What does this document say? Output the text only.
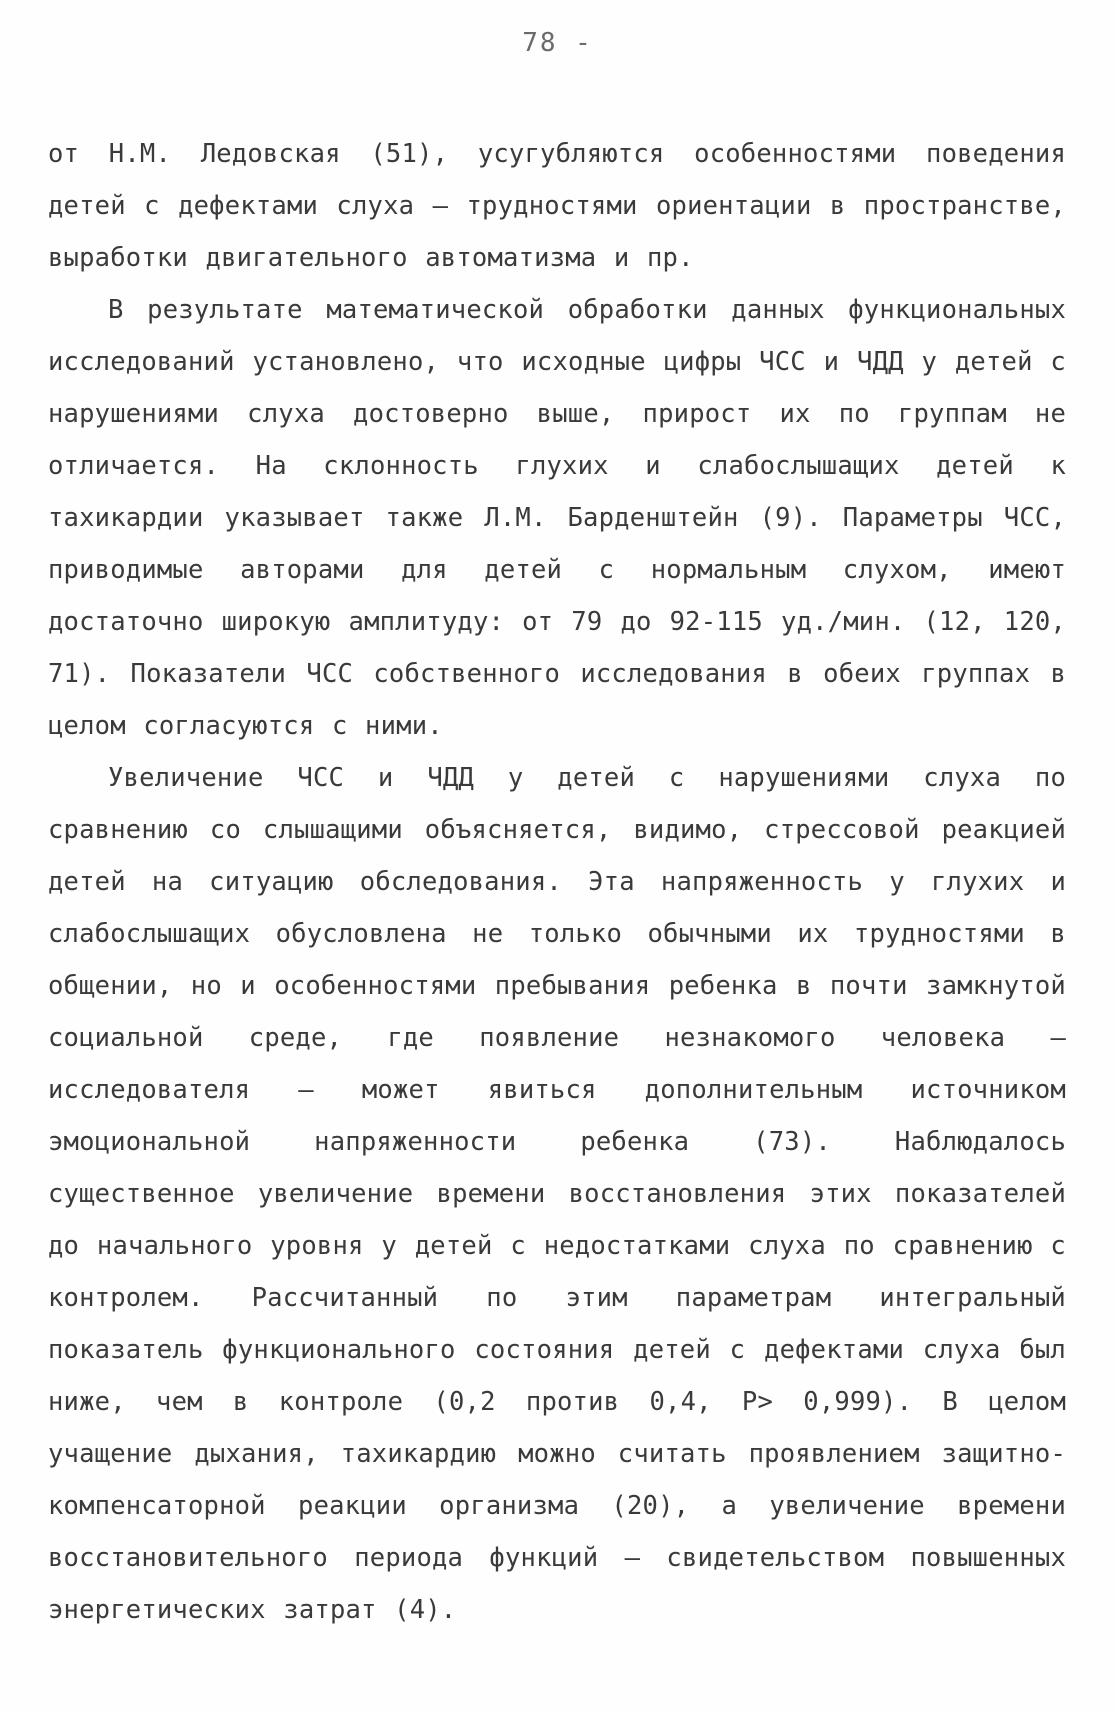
78 -

от Н.М. Ледовская (51), усугубляются особенностями поведения детей с дефектами слуха – трудностями ориентации в пространстве, выработки двигательного автоматизма и пр.

В результате математической обработки данных функциональных исследований установлено, что исходные цифры ЧСС и ЧДД у детей с нарушениями слуха достоверно выше, прирост их по группам не отличается. На склонность глухих и слабослышащих детей к тахикардии указывает также Л.М. Барденштейн (9). Параметры ЧСС, приводимые авторами для детей с нормальным слухом, имеют достаточно широкую амплитуду: от 79 до 92-115 уд./мин. (12, 120, 71). Показатели ЧСС собственного исследования в обеих группах в целом согласуются с ними.

Увеличение ЧСС и ЧДД у детей с нарушениями слуха по сравнению со слышащими объясняется, видимо, стрессовой реакцией детей на ситуацию обследования. Эта напряженность у глухих и слабослышащих обусловлена не только обычными их трудностями в общении, но и особенностями пребывания ребенка в почти замкнутой социальной среде, где появление незнакомого человека – исследователя – может явиться дополнительным источником эмоциональной напряженности ребенка (73). Наблюдалось существенное увеличение времени восстановления этих показателей до начального уровня у детей с недостатками слуха по сравнению с контролем. Рассчитанный по этим параметрам интегральный показатель функционального состояния детей с дефектами слуха был ниже, чем в контроле (0,2 против 0,4, Р> 0,999). В целом учащение дыхания, тахикардию можно считать проявлением защитно-компенсаторной реакции организма (20), а увеличение времени восстановительного периода функций – свидетельством повышенных энергетических затрат (4).
